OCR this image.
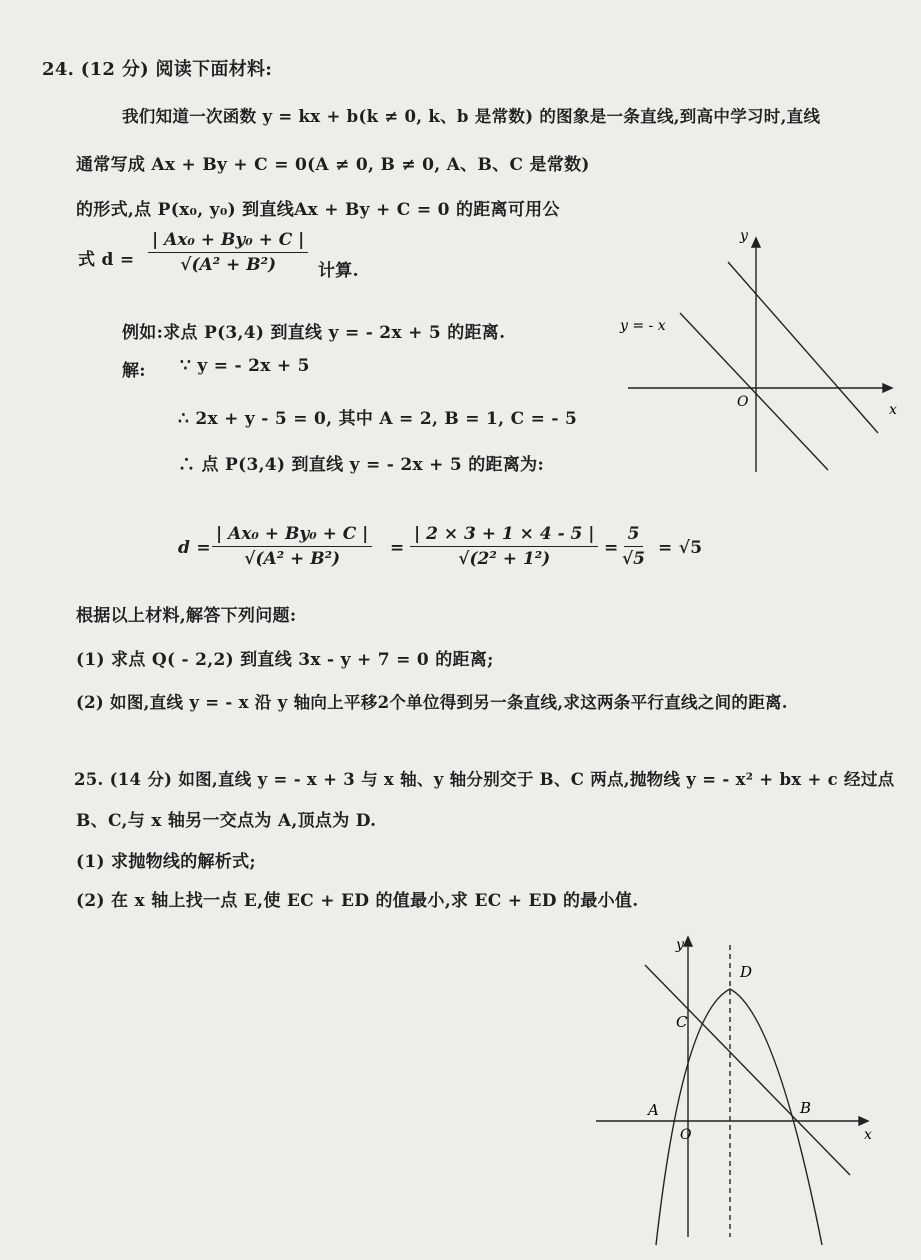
24. (12 分) 阅读下面材料:
我们知道一次函数 y = kx + b(k ≠ 0, k、b 是常数) 的图象是一条直线,到高中学习时,直线
通常写成 Ax + By + C = 0(A ≠ 0, B ≠ 0, A、B、C 是常数)
的形式,点 P(x₀, y₀) 到直线Ax + By + C = 0 的距离可用公
式 $d = \frac{\text{| Ax₀ + By₀ + C |}}{\text{√(A² + B²)}}$ 计算.
例如:求点 P(3,4) 到直线 y = - 2x + 5 的距离.
解: ∵ y = - 2x + 5
∴ 2x + y - 5 = 0, 其中 A = 2, B = 1, C = - 5
∴ 点 P(3,4) 到直线 y = - 2x + 5 的距离为:
$d = \frac{\text{| Ax₀ + By₀ + C |}}{\text{√(A² + B²)}} = \frac{| 2 \times 3 + 1 \times 4 - 5 |}{\text{√(2² + 1²)}} = \frac{5}{√5} = √5$
根据以上材料,解答下列问题:
(1) 求点 Q( - 2,2) 到直线 3x - y + 7 = 0 的距离;
(2) 如图,直线 y = - x 沿 y 轴向上平移2个单位得到另一条直线,求这两条平行直线之间的距离.
y
x
O
y = - x
25. (14 分) 如图,直线 y = - x + 3 与 x 轴、y 轴分别交于 B、C 两点,抛物线 y = - x² + bx + c 经过点
B、C,与 x 轴另一交点为 A,顶点为 D.
(1) 求抛物线的解析式;
(2) 在 x 轴上找一点 E,使 EC + ED 的值最小,求 EC + ED 的最小值.
y
x
O
A	B
C
D
